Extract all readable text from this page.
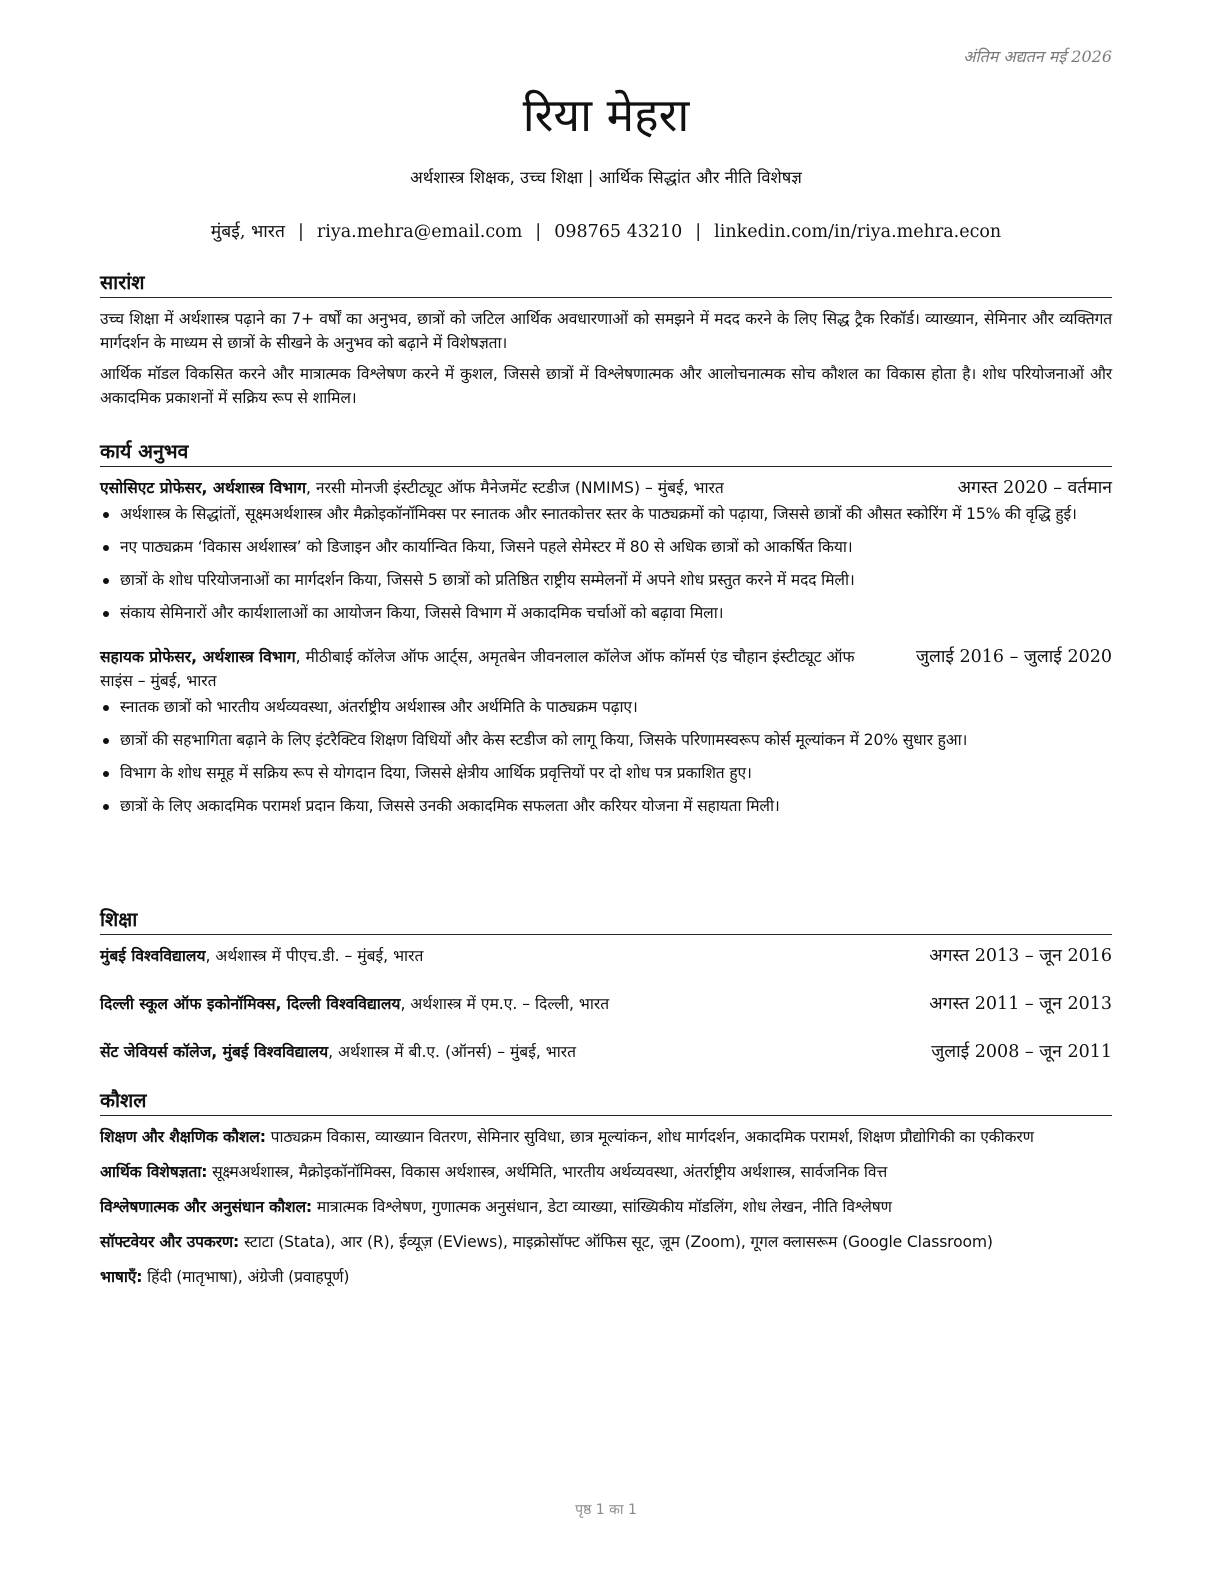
अंतिम अद्यतन मई 2026
रिया मेहरा
अर्थशास्त्र शिक्षक, उच्च शिक्षा | आर्थिक सिद्धांत और नीति विशेषज्ञ
मुंबई, भारत | riya.mehra@email.com | 098765 43210 | linkedin.com/in/riya.mehra.econ
सारांश

उच्च शिक्षा में अर्थशास्त्र पढ़ाने का 7+ वर्षों का अनुभव, छात्रों को जटिल आर्थिक अवधारणाओं को समझने में मदद करने के लिए सिद्ध ट्रैक रिकॉर्ड। व्याख्यान, सेमिनार और व्यक्तिगत मार्गदर्शन के माध्यम से छात्रों के सीखने के अनुभव को बढ़ाने में विशेषज्ञता।

आर्थिक मॉडल विकसित करने और मात्रात्मक विश्लेषण करने में कुशल, जिससे छात्रों में विश्लेषणात्मक और आलोचनात्मक सोच कौशल का विकास होता है। शोध परियोजनाओं और अकादमिक प्रकाशनों में सक्रिय रूप से शामिल।

कार्य अनुभव
एसोसिएट प्रोफेसर, अर्थशास्त्र विभाग, नरसी मोनजी इंस्टीट्यूट ऑफ मैनेजमेंट स्टडीज (NMIMS) – मुंबई, भारत	अगस्त 2020 – वर्तमान
अर्थशास्त्र के सिद्धांतों, सूक्ष्मअर्थशास्त्र और मैक्रोइकॉनॉमिक्स पर स्नातक और स्नातकोत्तर स्तर के पाठ्यक्रमों को पढ़ाया, जिससे छात्रों की औसत स्कोरिंग में 15% की वृद्धि हुई।
नए पाठ्यक्रम ‘विकास अर्थशास्त्र’ को डिजाइन और कार्यान्वित किया, जिसने पहले सेमेस्टर में 80 से अधिक छात्रों को आकर्षित किया।
छात्रों के शोध परियोजनाओं का मार्गदर्शन किया, जिससे 5 छात्रों को प्रतिष्ठित राष्ट्रीय सम्मेलनों में अपने शोध प्रस्तुत करने में मदद मिली।
संकाय सेमिनारों और कार्यशालाओं का आयोजन किया, जिससे विभाग में अकादमिक चर्चाओं को बढ़ावा मिला।
सहायक प्रोफेसर, अर्थशास्त्र विभाग, मीठीबाई कॉलेज ऑफ आर्ट्स, अमृतबेन जीवनलाल कॉलेज ऑफ कॉमर्स एंड चौहान इंस्टीट्यूट ऑफ साइंस – मुंबई, भारत
जुलाई 2016 – जुलाई 2020
स्नातक छात्रों को भारतीय अर्थव्यवस्था, अंतर्राष्ट्रीय अर्थशास्त्र और अर्थमिति के पाठ्यक्रम पढ़ाए।
छात्रों की सहभागिता बढ़ाने के लिए इंटरैक्टिव शिक्षण विधियों और केस स्टडीज को लागू किया, जिसके परिणामस्वरूप कोर्स मूल्यांकन में 20% सुधार हुआ।
विभाग के शोध समूह में सक्रिय रूप से योगदान दिया, जिससे क्षेत्रीय आर्थिक प्रवृत्तियों पर दो शोध पत्र प्रकाशित हुए।
छात्रों के लिए अकादमिक परामर्श प्रदान किया, जिससे उनकी अकादमिक सफलता और करियर योजना में सहायता मिली।
शिक्षा
मुंबई विश्वविद्यालय, अर्थशास्त्र में पीएच.डी. – मुंबई, भारत	अगस्त 2013 – जून 2016
दिल्ली स्कूल ऑफ इकोनॉमिक्स, दिल्ली विश्वविद्यालय, अर्थशास्त्र में एम.ए. – दिल्ली, भारत	अगस्त 2011 – जून 2013
सेंट जेवियर्स कॉलेज, मुंबई विश्वविद्यालय, अर्थशास्त्र में बी.ए. (ऑनर्स) – मुंबई, भारत	जुलाई 2008 – जून 2011
कौशल

शिक्षण और शैक्षणिक कौशल: पाठ्यक्रम विकास, व्याख्यान वितरण, सेमिनार सुविधा, छात्र मूल्यांकन, शोध मार्गदर्शन, अकादमिक परामर्श, शिक्षण प्रौद्योगिकी का एकीकरण

आर्थिक विशेषज्ञता: सूक्ष्मअर्थशास्त्र, मैक्रोइकॉनॉमिक्स, विकास अर्थशास्त्र, अर्थमिति, भारतीय अर्थव्यवस्था, अंतर्राष्ट्रीय अर्थशास्त्र, सार्वजनिक वित्त

विश्लेषणात्मक और अनुसंधान कौशल: मात्रात्मक विश्लेषण, गुणात्मक अनुसंधान, डेटा व्याख्या, सांख्यिकीय मॉडलिंग, शोध लेखन, नीति विश्लेषण

सॉफ्टवेयर और उपकरण: स्टाटा (Stata), आर (R), ईव्यूज़ (EViews), माइक्रोसॉफ्ट ऑफिस सूट, ज़ूम (Zoom), गूगल क्लासरूम (Google Classroom)

भाषाएँ: हिंदी (मातृभाषा), अंग्रेजी (प्रवाहपूर्ण)

पृष्ठ 1 का 1
